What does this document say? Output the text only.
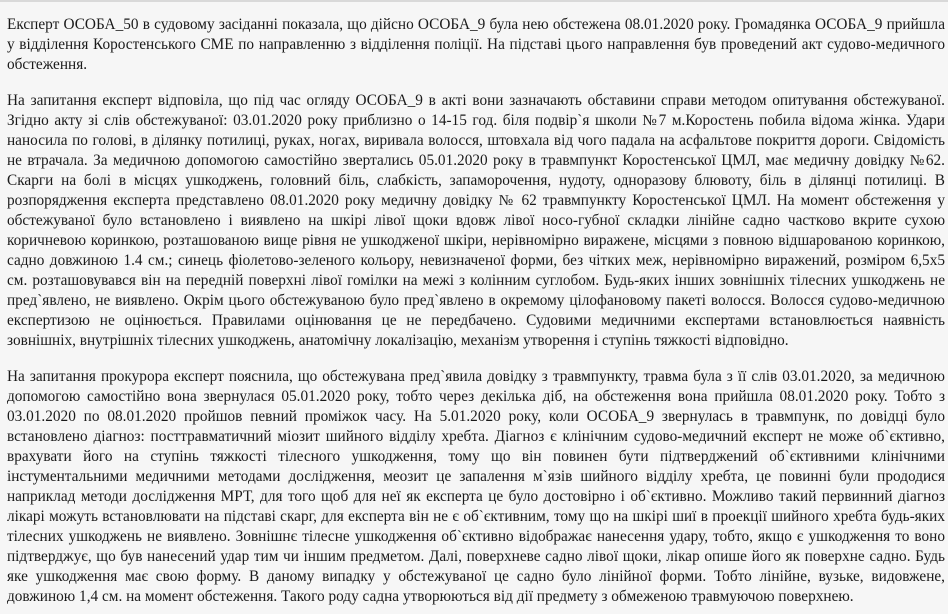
Експерт ОСОБА_50 в судовому засіданні показала, що дійсно ОСОБА_9 була нею обстежена 08.01.2020 року. Громадянка ОСОБА_9 прийшла у відділення Коростенського СМЕ по направленню з відділення поліції. На підставі цього направлення був проведений акт судово-медичного обстеження.

На запитання експерт відповіла, що під час огляду ОСОБА_9 в акті вони зазначають обставини справи методом опитування обстежуваної. Згідно акту зі слів обстежуваної: 03.01.2020 року приблизно о 14-15 год. біля подвір`я школи №7 м.Коростень побила відома жінка. Удари наносила по голові, в ділянку потилиці, руках, ногах, виривала волосся, штовхала від чого падала на асфальтове покриття дороги. Свідомість не втрачала. За медичною допомогою самостійно звертались 05.01.2020 року в травмпункт Коростенської ЦМЛ, має медичну довідку №62. Скарги на болі в місцях ушкоджень, головний біль, слабкість, запаморочення, нудоту, одноразову блювоту, біль в ділянці потилиці. В розпорядження експерта представлено 08.01.2020 року медичну довідку № 62 травмпункту Коростенської ЦМЛ. На момент обстеження у обстежуваної було встановлено і виявлено на шкірі лівої щоки вдовж лівої носо-губної складки лінійне садно частково вкрите сухою коричневою коринкою, розташованою вище рівня не ушкодженої шкіри, нерівномірно виражене, місцями з повною відшарованою коринкою, садно довжиною 1.4 см.; синець фіолетово-зеленого кольору, невизначеної форми, без чітких меж, нерівномірно виражений, розміром 6,5х5 см. розташовувався він на передній поверхні лівої гомілки на межі з колінним суглобом. Будь-яких інших зовнішніх тілесних ушкоджень не пред`явлено, не виявлено. Окрім цього обстежуваною було пред`явлено в окремому цілофановому пакеті волосся. Волосся судово-медичною експертизою не оцінюється. Правилами оцінювання це не передбачено. Судовими медичними експертами встановлюється наявність зовнішніх, внутрішніх тілесних ушкоджень, анатомічну локалізацію, механізм утворення і ступінь тяжкості відповідно.

На запитання прокурора експерт пояснила, що обстежувана пред`явила довідку з травмпункту, травма була з її слів 03.01.2020, за медичною допомогою самостійно вона звернулася 05.01.2020 року, тобто через декілька діб, на обстеження вона прийшла 08.01.2020 року. Тобто з 03.01.2020 по 08.01.2020 пройшов певний проміжок часу. На 5.01.2020 року, коли ОСОБА_9 звернулась в травмпунк, по довідці було встановлено діагноз: посттравматичний міозит шийного відділу хребта. Діагноз є клінічним судово-медичний експерт не може об`єктивно, врахувати його на ступінь тяжкості тілесного ушкодження, тому що він повинен бути підтверджений об`єктивними клінічними інстументальними медичними методами дослідження, меозит це запалення м`язів шийного відділу хребта, це повинні були прододися наприклад методи дослідження МРТ, для того щоб для неї як експерта це було достовірно і об`єктивно. Можливо такий первинний діагноз лікарі можуть встановлювати на підставі скарг, для експерта він не є об`єктивним, тому що на шкірі шиї в проекції шийного хребта будь-яких тілесних ушкоджень не виявлено. Зовнішнє тілесне ушкодження об`єктивно відображає нанесення удару, тобто, якщо є ушкодження то воно підтверджує, що був нанесений удар тим чи іншим предметом. Далі, поверхневе садно лівої щоки, лікар опише його як поверхне садно. Будь яке ушкодження має свою форму. В даному випадку у обстежуваної це садно було лінійної форми. Тобто лінійне, вузьке, видовжене, довжиною 1,4 см. на момент обстеження. Такого роду садна утворюються від дії предмету з обмеженою травмуючою поверхнею.
